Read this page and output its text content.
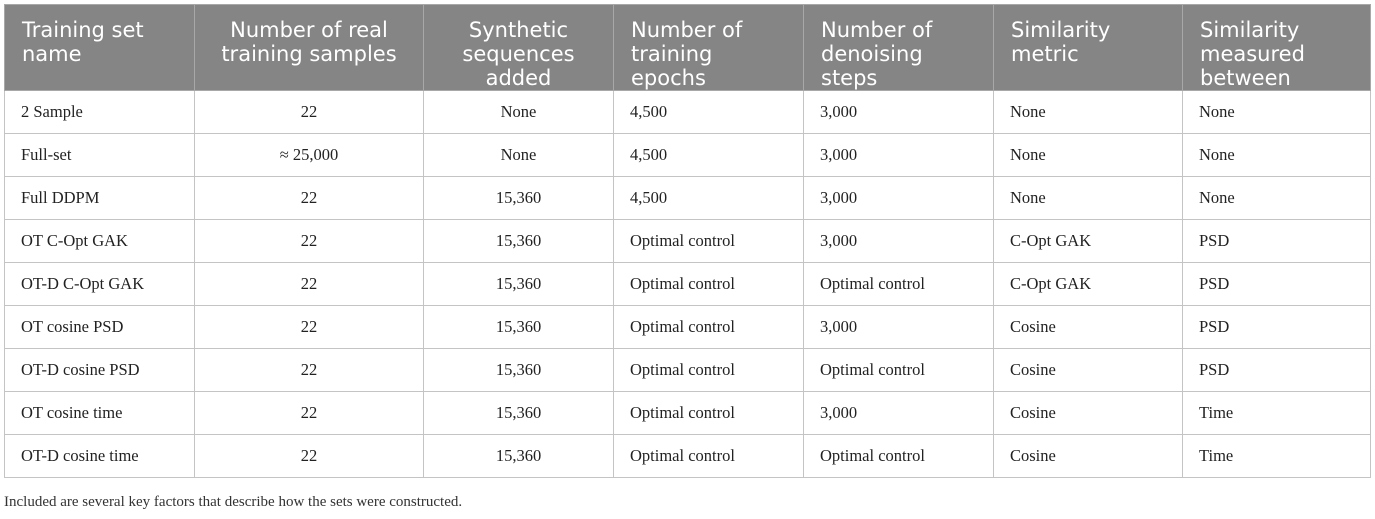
Training set name	Number of real training samples	Synthetic sequences added	Number of training epochs	Number of denoising steps	Similarity metric	Similarity measured between
2 Sample	22	None	4,500	3,000	None	None
Full-set	≈ 25,000	None	4,500	3,000	None	None
Full DDPM	22	15,360	4,500	3,000	None	None
OT C-Opt GAK	22	15,360	Optimal control	3,000	C-Opt GAK	PSD
OT-D C-Opt GAK	22	15,360	Optimal control	Optimal control	C-Opt GAK	PSD
OT cosine PSD	22	15,360	Optimal control	3,000	Cosine	PSD
OT-D cosine PSD	22	15,360	Optimal control	Optimal control	Cosine	PSD
OT cosine time	22	15,360	Optimal control	3,000	Cosine	Time
OT-D cosine time	22	15,360	Optimal control	Optimal control	Cosine	Time

Included are several key factors that describe how the sets were constructed.
